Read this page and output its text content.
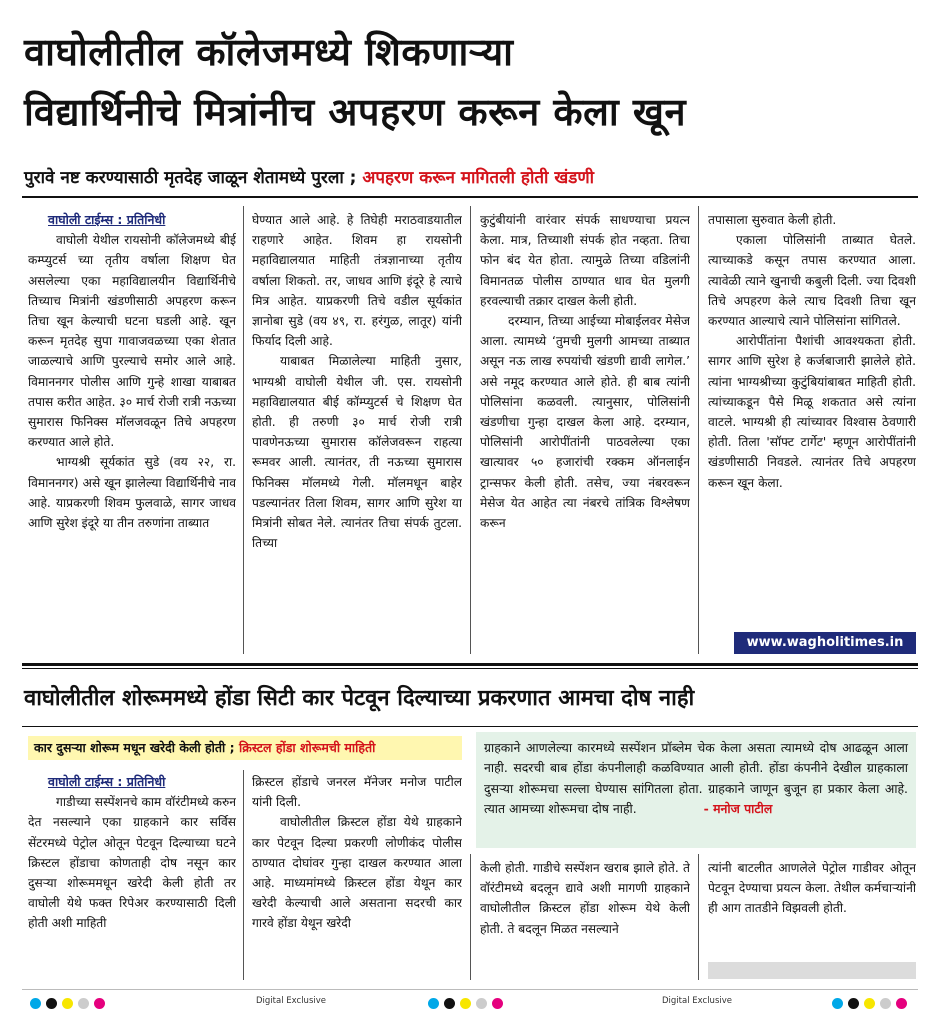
वाघोलीतील कॉलेजमध्ये शिकणाऱ्या
विद्यार्थिनीचे मित्रांनीच अपहरण करून केला खून
पुरावे नष्ट करण्यासाठी मृतदेह जाळून शेतामध्ये पुरला ; अपहरण करून मागितली होती खंडणी
वाघोली टाईम्स : प्रतिनिधी

वाघोली येथील रायसोनी कॉलेजमध्ये बीई कम्प्युटर्स च्या तृतीय वर्षाला शिक्षण घेत असलेल्या एका महाविद्यालयीन विद्यार्थिनीचे तिच्याच मित्रांनी खंडणीसाठी अपहरण करून तिचा खून केल्याची घटना घडली आहे. खून करून मृतदेह सुपा गावाजवळच्या एका शेतात जाळल्याचे आणि पुरल्याचे समोर आले आहे. विमाननगर पोलीस आणि गुन्हे शाखा याबाबत तपास करीत आहेत. ३० मार्च रोजी रात्री नऊच्या सुमारास फिनिक्स मॉलजवळून तिचे अपहरण करण्यात आले होते.

भाग्यश्री सूर्यकांत सुडे (वय २२, रा. विमाननगर) असे खून झालेल्या विद्यार्थिनीचे नाव आहे. याप्रकरणी शिवम फुलवाळे, सागर जाधव आणि सुरेश इंदूरे या तीन तरुणांना ताब्यात

घेण्यात आले आहे. हे तिघेही मराठवाडयातील राहणारे आहेत. शिवम हा रायसोनी महाविद्यालयात माहिती तंत्रज्ञानाच्या तृतीय वर्षाला शिकतो. तर, जाधव आणि इंदूरे हे त्याचे मित्र आहेत. याप्रकरणी तिचे वडील सूर्यकांत ज्ञानोबा सुडे (वय ४९, रा. हरंगुळ, लातूर) यांनी फिर्याद दिली आहे.

याबाबत मिळालेल्या माहिती नुसार, भाग्यश्री वाघोली येथील जी. एस. रायसोनी महाविद्यालयात बीई कॉम्प्युटर्स चे शिक्षण घेत होती. ही तरुणी ३० मार्च रोजी रात्री पावणेनऊच्या सुमारास कॉलेजवरून राहत्या रूमवर आली. त्यानंतर, ती नऊच्या सुमारास फिनिक्स मॉलमध्ये गेली. मॉलमधून बाहेर पडल्यानंतर तिला शिवम, सागर आणि सुरेश या मित्रांनी सोबत नेले. त्यानंतर तिचा संपर्क तुटला. तिच्या

कुटुंबीयांनी वारंवार संपर्क साधण्याचा प्रयत्न केला. मात्र, तिच्याशी संपर्क होत नव्हता. तिचा फोन बंद येत होता. त्यामुळे तिच्या वडिलांनी विमानतळ पोलीस ठाण्यात धाव घेत मुलगी हरवल्याची तक्रार दाखल केली होती.

दरम्यान, तिच्या आईच्या मोबाईलवर मेसेज आला. त्यामध्ये ‘तुमची मुलगी आमच्या ताब्यात असून नऊ लाख रुपयांची खंडणी द्यावी लागेल.’ असे नमूद करण्यात आले होते. ही बाब त्यांनी पोलिसांना कळवली. त्यानुसार, पोलिसांनी खंडणीचा गुन्हा दाखल केला आहे. दरम्यान, पोलिसांनी आरोपींतांनी पाठवलेल्या एका खात्यावर ५० हजारांची रक्कम ऑनलाईन ट्रान्सफर केली होती. तसेच, ज्या नंबरवरून मेसेज येत आहेत त्या नंबरचे तांत्रिक विश्लेषण करून

तपासाला सुरुवात केली होती.

एकाला पोलिसांनी ताब्यात घेतले. त्याच्याकडे कसून तपास करण्यात आला. त्यावेळी त्याने खुनाची कबुली दिली. ज्या दिवशी तिचे अपहरण केले त्याच दिवशी तिचा खून करण्यात आल्याचे त्याने पोलिसांना सांगितले.

आरोपींतांना पैशांची आवश्यकता होती. सागर आणि सुरेश हे कर्जबाजारी झालेले होते. त्यांना भाग्यश्रीच्या कुटुंबियांबाबत माहिती होती. त्यांच्याकडून पैसे मिळू शकतात असे त्यांना वाटले. भाग्यश्री ही त्यांच्यावर विश्वास ठेवणारी होती. तिला 'सॉफ्ट टार्गेट' म्हणून आरोपींतांनी खंडणीसाठी निवडले. त्यानंतर तिचे अपहरण करून खून केला.

www.wagholitimes.in
वाघोलीतील शोरूममध्ये होंडा सिटी कार पेटवून दिल्याच्या प्रकरणात आमचा दोष नाही
कार दुसऱ्या शोरूम मधून खरेदी केली होती ; क्रिस्टल होंडा शोरूमची माहिती	ग्राहकाने आणलेल्या कारमध्ये सस्पेंशन प्रॉब्लेम चेक केला असता त्यामध्ये दोष आढळून आला नाही. सदरची बाब होंडा कंपनीलाही कळविण्यात आली होती. होंडा कंपनीने देखील ग्राहकाला दुसऱ्या शोरूमचा सल्ला घेण्यास सांगितला होता. ग्राहकाने जाणून बुजून हा प्रकार केला आहे. त्यात आमच्या शोरूमचा दोष नाही.	- मनोज पाटील
वाघोली टाईम्स : प्रतिनिधी

गाडीच्या सस्पेंशनचे काम वॉरंटीमध्ये करुन देत नसल्याने एका ग्राहकाने कार सर्विस सेंटरमध्ये पेट्रोल ओतून पेटवून दिल्याच्या घटने क्रिस्टल होंडाचा कोणताही दोष नसून कार दुसऱ्या शोरूममधून खरेदी केली होती तर वाघोली येथे फक्त रिपेअर करण्यासाठी दिली होती अशी माहिती

क्रिस्टल होंडाचे जनरल मॅनेजर मनोज पाटील यांनी दिली.

वाघोलीतील क्रिस्टल होंडा येथे ग्राहकाने कार पेटवून दिल्या प्रकरणी लोणीकंद पोलीस ठाण्यात दोघांवर गुन्हा दाखल करण्यात आला आहे. माध्यमांमध्ये क्रिस्टल होंडा येथून कार खरेदी केल्याची आले असताना सदरची कार गारवे होंडा येथून खरेदी

केली होती. गाडीचे सस्पेंशन खराब झाले होते. ते वॉरंटीमध्ये बदलून द्यावे अशी मागणी ग्राहकाने वाघोलीतील क्रिस्टल होंडा शोरूम येथे केली होती. ते बदलून मिळत नसल्याने

त्यांनी बाटलीत आणलेले पेट्रोल गाडीवर ओतून पेटवून देण्याचा प्रयत्न केला. तेथील कर्मचाऱ्यांनी ही आग तातडीने विझवली होती.

Digital Exclusive	Digital Exclusive
